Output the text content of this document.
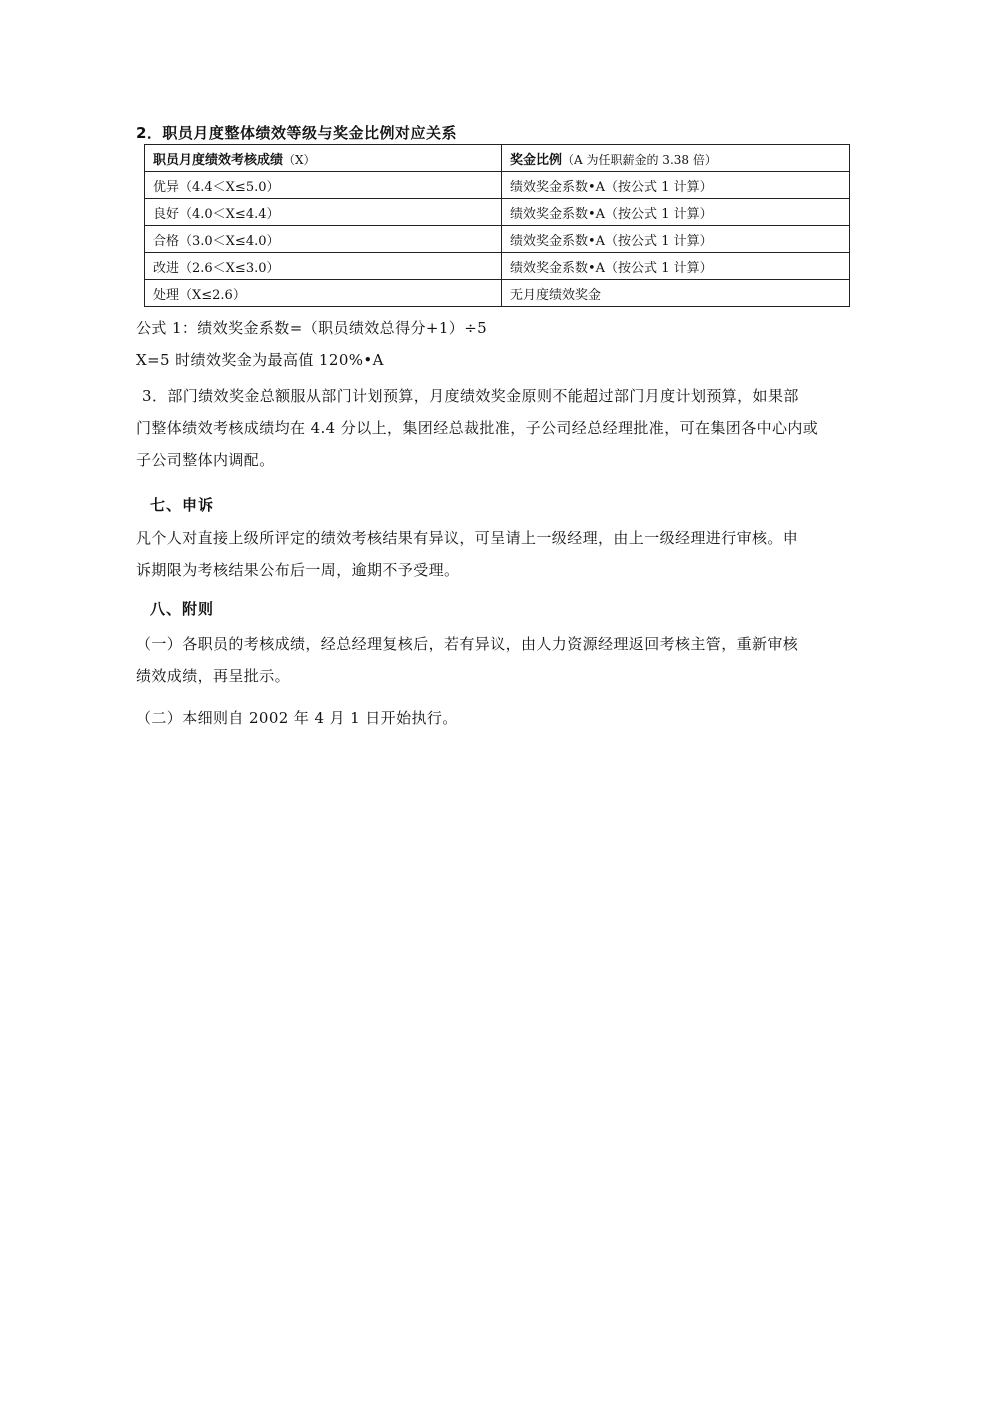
2．职员月度整体绩效等级与奖金比例对应关系
职员月度绩效考核成绩（X）	奖金比例（A 为任职薪金的 3.38 倍）
优异（4.4＜X≤5.0）	绩效奖金系数•A（按公式 1 计算）
良好（4.0＜X≤4.4）	绩效奖金系数•A（按公式 1 计算）
合格（3.0＜X≤4.0）	绩效奖金系数•A（按公式 1 计算）
改进（2.6＜X≤3.0）	绩效奖金系数•A（按公式 1 计算）
处理（X≤2.6）	无月度绩效奖金
公式 1：绩效奖金系数=（职员绩效总得分+1）÷5
X=5 时绩效奖金为最高值 120%•A
3．部门绩效奖金总额服从部门计划预算，月度绩效奖金原则不能超过部门月度计划预算，如果部
门整体绩效考核成绩均在 4.4 分以上，集团经总裁批准，子公司经总经理批准，可在集团各中心内或
子公司整体内调配。
七、申诉
凡个人对直接上级所评定的绩效考核结果有异议，可呈请上一级经理，由上一级经理进行审核。申
诉期限为考核结果公布后一周，逾期不予受理。
八、附则
（一）各职员的考核成绩，经总经理复核后，若有异议，由人力资源经理返回考核主管，重新审核
绩效成绩，再呈批示。
（二）本细则自 2002 年 4 月 1 日开始执行。
